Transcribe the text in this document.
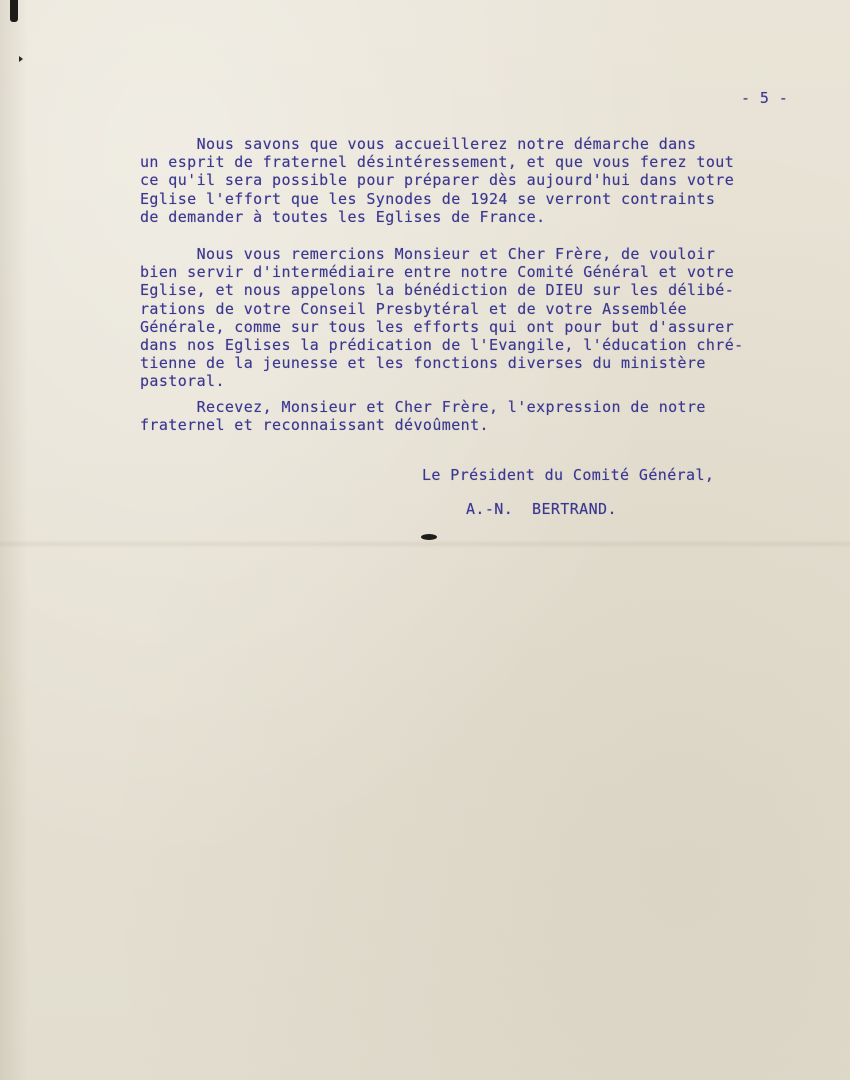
- 5 -
Nous savons que vous accueillerez notre démarche dans
un esprit de fraternel désintéressement, et que vous ferez tout
ce qu'il sera possible pour préparer dès aujourd'hui dans votre
Eglise l'effort que les Synodes de 1924 se verront contraints
de demander à toutes les Eglises de France.
Nous vous remercions Monsieur et Cher Frère, de vouloir
bien servir d'intermédiaire entre notre Comité Général et votre
Eglise, et nous appelons la bénédiction de DIEU sur les délibé-
rations de votre Conseil Presbytéral et de votre Assemblée
Générale, comme sur tous les efforts qui ont pour but d'assurer
dans nos Eglises la prédication de l'Evangile, l'éducation chré-
tienne de la jeunesse et les fonctions diverses du ministère
pastoral.
Recevez, Monsieur et Cher Frère, l'expression de notre
fraternel et reconnaissant dévoûment.
Le Président du Comité Général,
A.-N.  BERTRAND.
